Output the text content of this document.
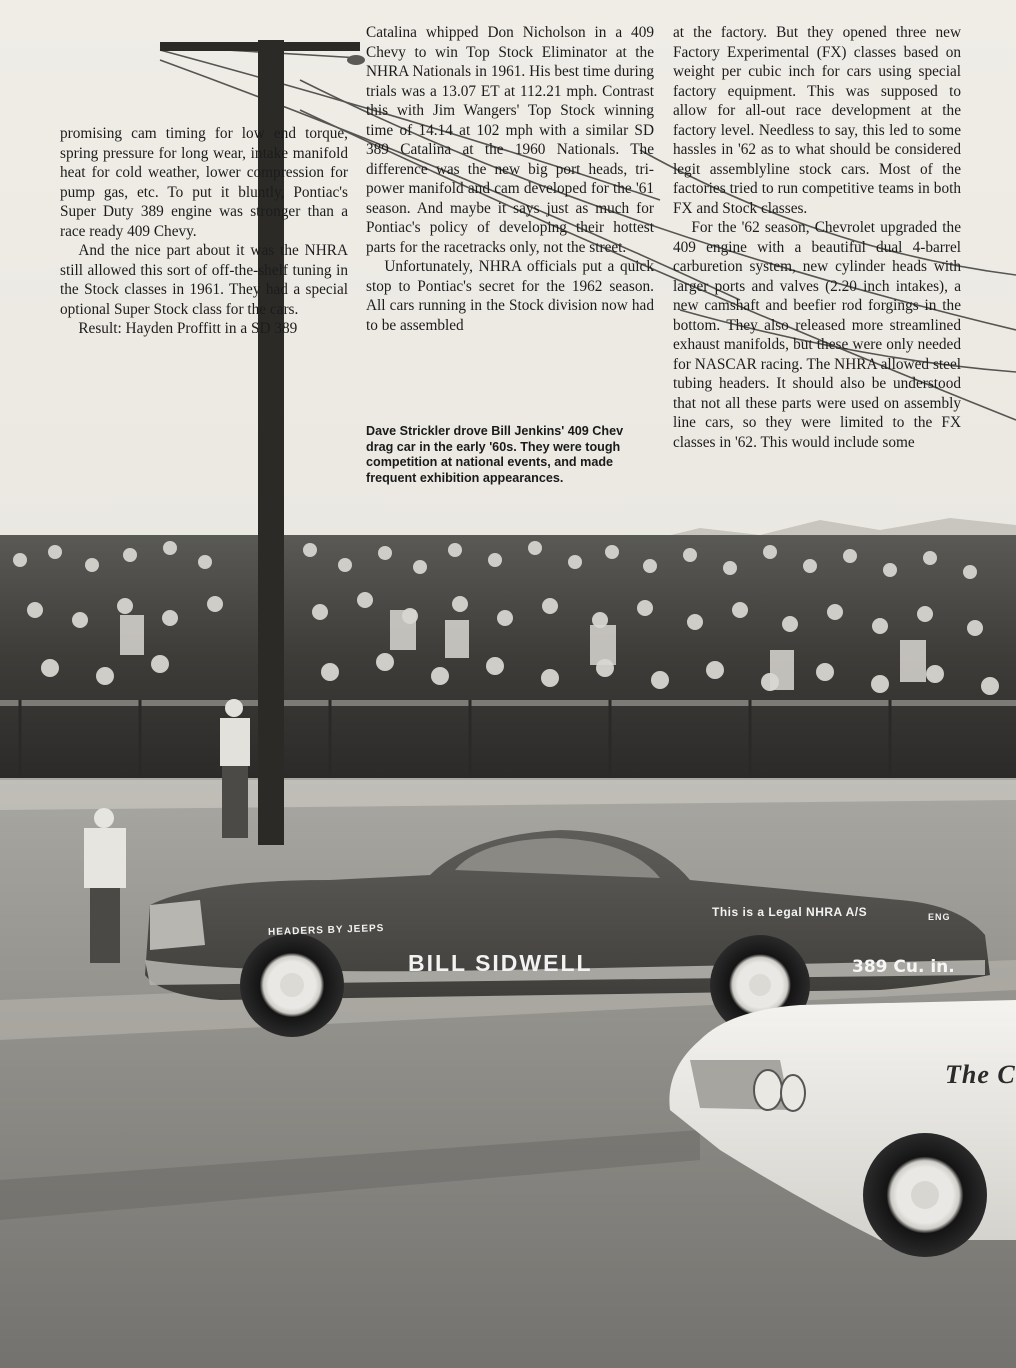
BILL SIDWELL
HEADERS BY JEEPS
389 Cu. in.
This is a Legal NHRA A/S	ENG
The C

promising cam timing for low end torque, spring pressure for long wear, intake manifold heat for cold weather, lower compression for pump gas, etc. To put it bluntly, Pontiac's Super Duty 389 engine was stronger than a race ready 409 Chevy.

And the nice part about it was the NHRA still allowed this sort of off-the-shelf tuning in the Stock classes in 1961. They had a special optional Super Stock class for the cars.

Result: Hayden Proffitt in a SD 389

Catalina whipped Don Nicholson in a 409 Chevy to win Top Stock Eliminator at the NHRA Nationals in 1961. His best time during trials was a 13.07 ET at 112.21 mph. Contrast this with Jim Wangers' Top Stock winning time of 14.14 at 102 mph with a similar SD 389 Catalina at the 1960 Nationals. The difference was the new big port heads, tri-power manifold and cam developed for the '61 season. And maybe it says just as much for Pontiac's policy of developing their hottest parts for the racetracks only, not the street.

Unfortunately, NHRA officials put a quick stop to Pontiac's secret for the 1962 season. All cars running in the Stock division now had to be assembled

Dave Strickler drove Bill Jenkins' 409 Chev drag car in the early '60s. They were tough competition at national events, and made frequent exhibition appearances.

at the factory. But they opened three new Factory Experimental (FX) classes based on weight per cubic inch for cars using special factory equipment. This was supposed to allow for all-out race development at the factory level. Needless to say, this led to some hassles in '62 as to what should be considered legit assemblyline stock cars. Most of the factories tried to run competitive teams in both FX and Stock classes.

For the '62 season, Chevrolet upgraded the 409 engine with a beautiful dual 4-barrel carburetion system, new cylinder heads with larger ports and valves (2.20 inch intakes), a new camshaft and beefier rod forgings in the bottom. They also released more streamlined exhaust manifolds, but these were only needed for NASCAR racing. The NHRA allowed steel tubing headers. It should also be understood that not all these parts were used on assembly line cars, so they were limited to the FX classes in '62. This would include some
